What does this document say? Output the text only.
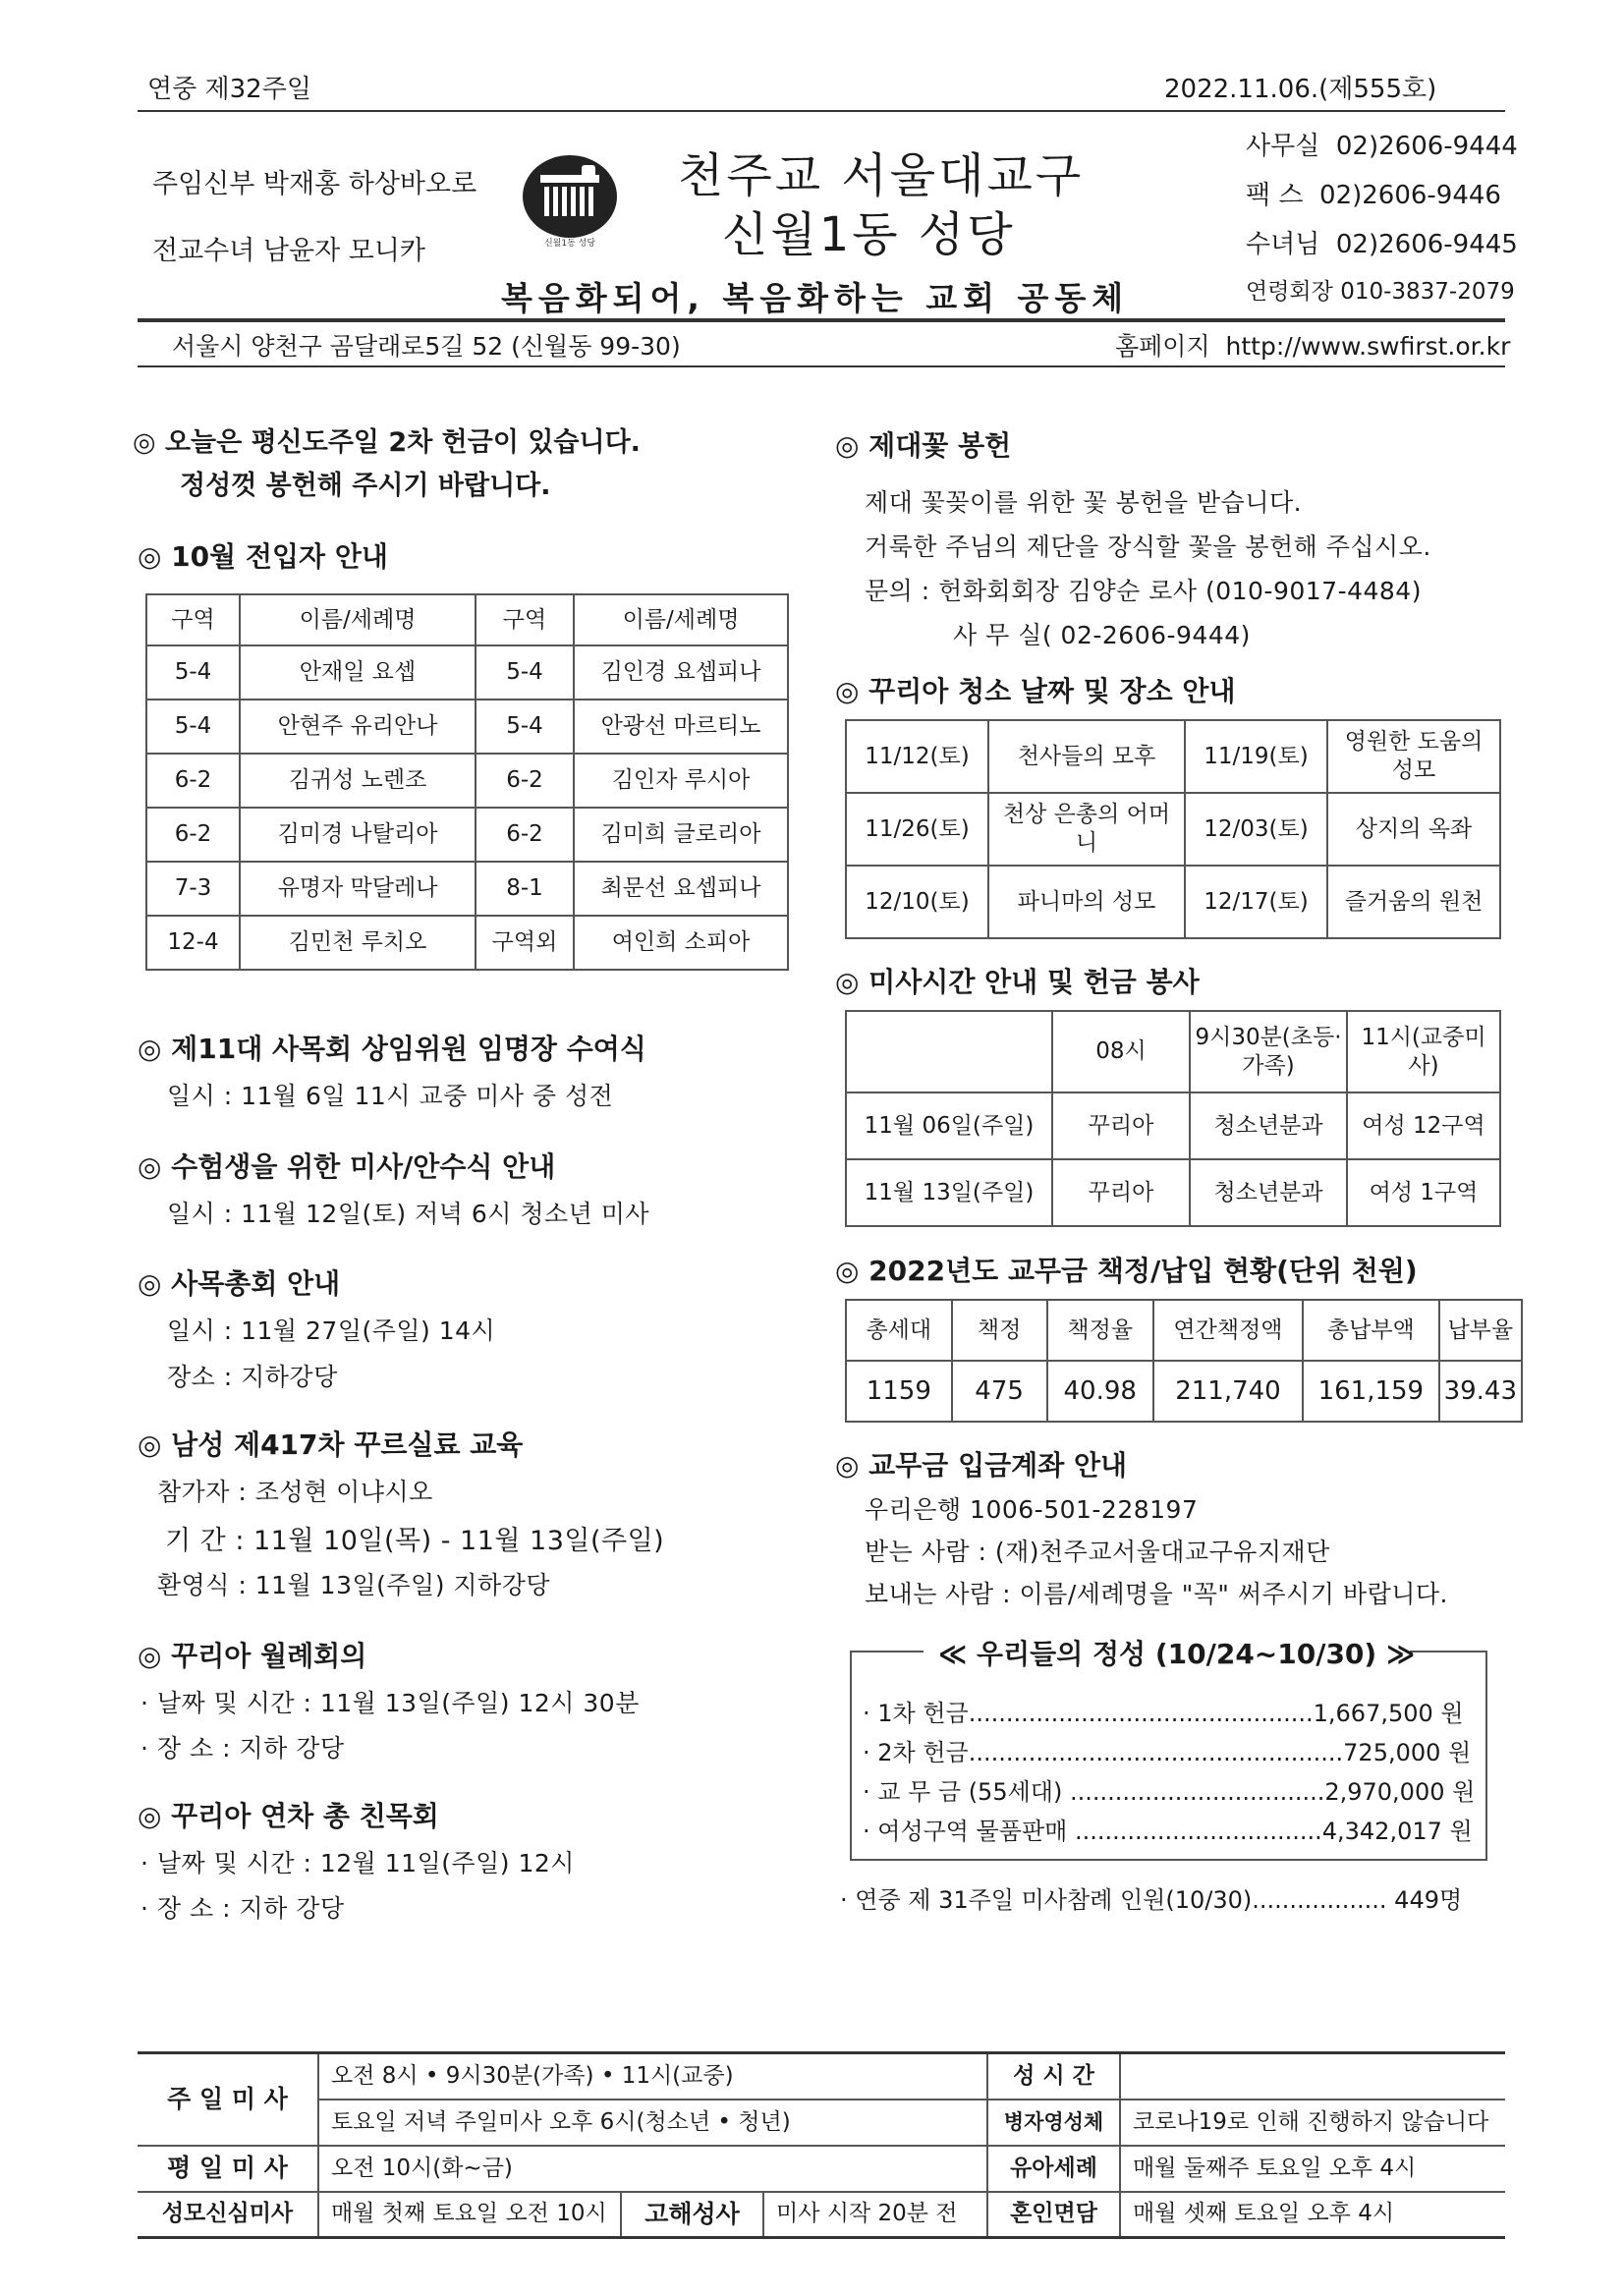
연중 제32주일	2022.11.06.(제555호)
주임신부 박재홍 하상바오로
전교수녀 남윤자 모니카	신월1동 성당
천주교 서울대교구
신월1동 성당
복음화되어, 복음화하는 교회 공동체
사무실 02)2606-9444
팩 스 02)2606-9446
수녀님 02)2606-9445
연령회장 010-3837-2079
서울시 양천구 곰달래로5길 52 (신월동 99-30)	홈페이지 http://www.swfirst.or.kr
◎ 오늘은 평신도주일 2차 헌금이 있습니다.
정성껏 봉헌해 주시기 바랍니다.
◎ 10월 전입자 안내
구역	이름/세례명	구역	이름/세례명
5-4	안재일 요셉	5-4	김인경 요셉피나
5-4	안현주 유리안나	5-4	안광선 마르티노
6-2	김귀성 노렌조	6-2	김인자 루시아
6-2	김미경 나탈리아	6-2	김미희 글로리아
7-3	유명자 막달레나	8-1	최문선 요셉피나
12-4	김민천 루치오	구역외	여인희 소피아
◎ 제11대 사목회 상임위원 임명장 수여식
일시 : 11월 6일 11시 교중 미사 중 성전
◎ 수험생을 위한 미사/안수식 안내
일시 : 11월 12일(토) 저녁 6시 청소년 미사
◎ 사목총회 안내
일시 : 11월 27일(주일) 14시
장소 : 지하강당
◎ 남성 제417차 꾸르실료 교육
참가자 : 조성현 이냐시오
기 간 : 11월 10일(목) - 11월 13일(주일)
환영식 : 11월 13일(주일) 지하강당
◎ 꾸리아 월례회의
· 날짜 및 시간 : 11월 13일(주일) 12시 30분
· 장 소 : 지하 강당
◎ 꾸리아 연차 총 친목회
· 날짜 및 시간 : 12월 11일(주일) 12시
· 장 소 : 지하 강당
◎ 제대꽃 봉헌
제대 꽃꽂이를 위한 꽃 봉헌을 받습니다.
거룩한 주님의 제단을 장식할 꽃을 봉헌해 주십시오.
문의 : 헌화회회장 김양순 로사 (010-9017-4484)
사 무 실( 02-2606-9444)
◎ 꾸리아 청소 날짜 및 장소 안내
11/12(토)	천사들의 모후	11/19(토)	영원한 도움의 성모
11/26(토)	천상 은총의 어머니	12/03(토)	상지의 옥좌
12/10(토)	파니마의 성모	12/17(토)	즐거움의 원천
◎ 미사시간 안내 및 헌금 봉사
	08시	9시30분(초등·가족)	11시(교중미사)
11월 06일(주일)	꾸리아	청소년분과	여성 12구역
11월 13일(주일)	꾸리아	청소년분과	여성 1구역
◎ 2022년도 교무금 책정/납입 현황(단위 천원)
총세대	책정	책정율	연간책정액	총납부액	납부율
1159	475	40.98	211,740	161,159	39.43
◎ 교무금 입금계좌 안내
우리은행 1006-501-228197
받는 사람 : (재)천주교서울대교구유지재단
보내는 사람 : 이름/세례명을 "꼭" 써주시기 바랍니다.
≪ 우리들의 정성 (10/24~10/30) ≫
· 1차 헌금..............................................1,667,500 원
· 2차 헌금..................................................725,000 원
· 교 무 금 (55세대) ..................................2,970,000 원
· 여성구역 물품판매 .................................4,342,017 원
· 연중 제 31주일 미사참례 인원(10/30).................. 449명
주 일 미 사	오전 8시 • 9시30분(가족) • 11시(교중)			성 시 간	
	토요일 저녁 주일미사 오후 6시(청소년 • 청년)			병자영성체	코로나19로 인해 진행하지 않습니다
평 일 미 사	오전 10시(화~금)			유아세례	매월 둘째주 토요일 오후 4시
성모신심미사	매월 첫째 토요일 오전 10시	고해성사	미사 시작 20분 전	혼인면담	매월 셋째 토요일 오후 4시
